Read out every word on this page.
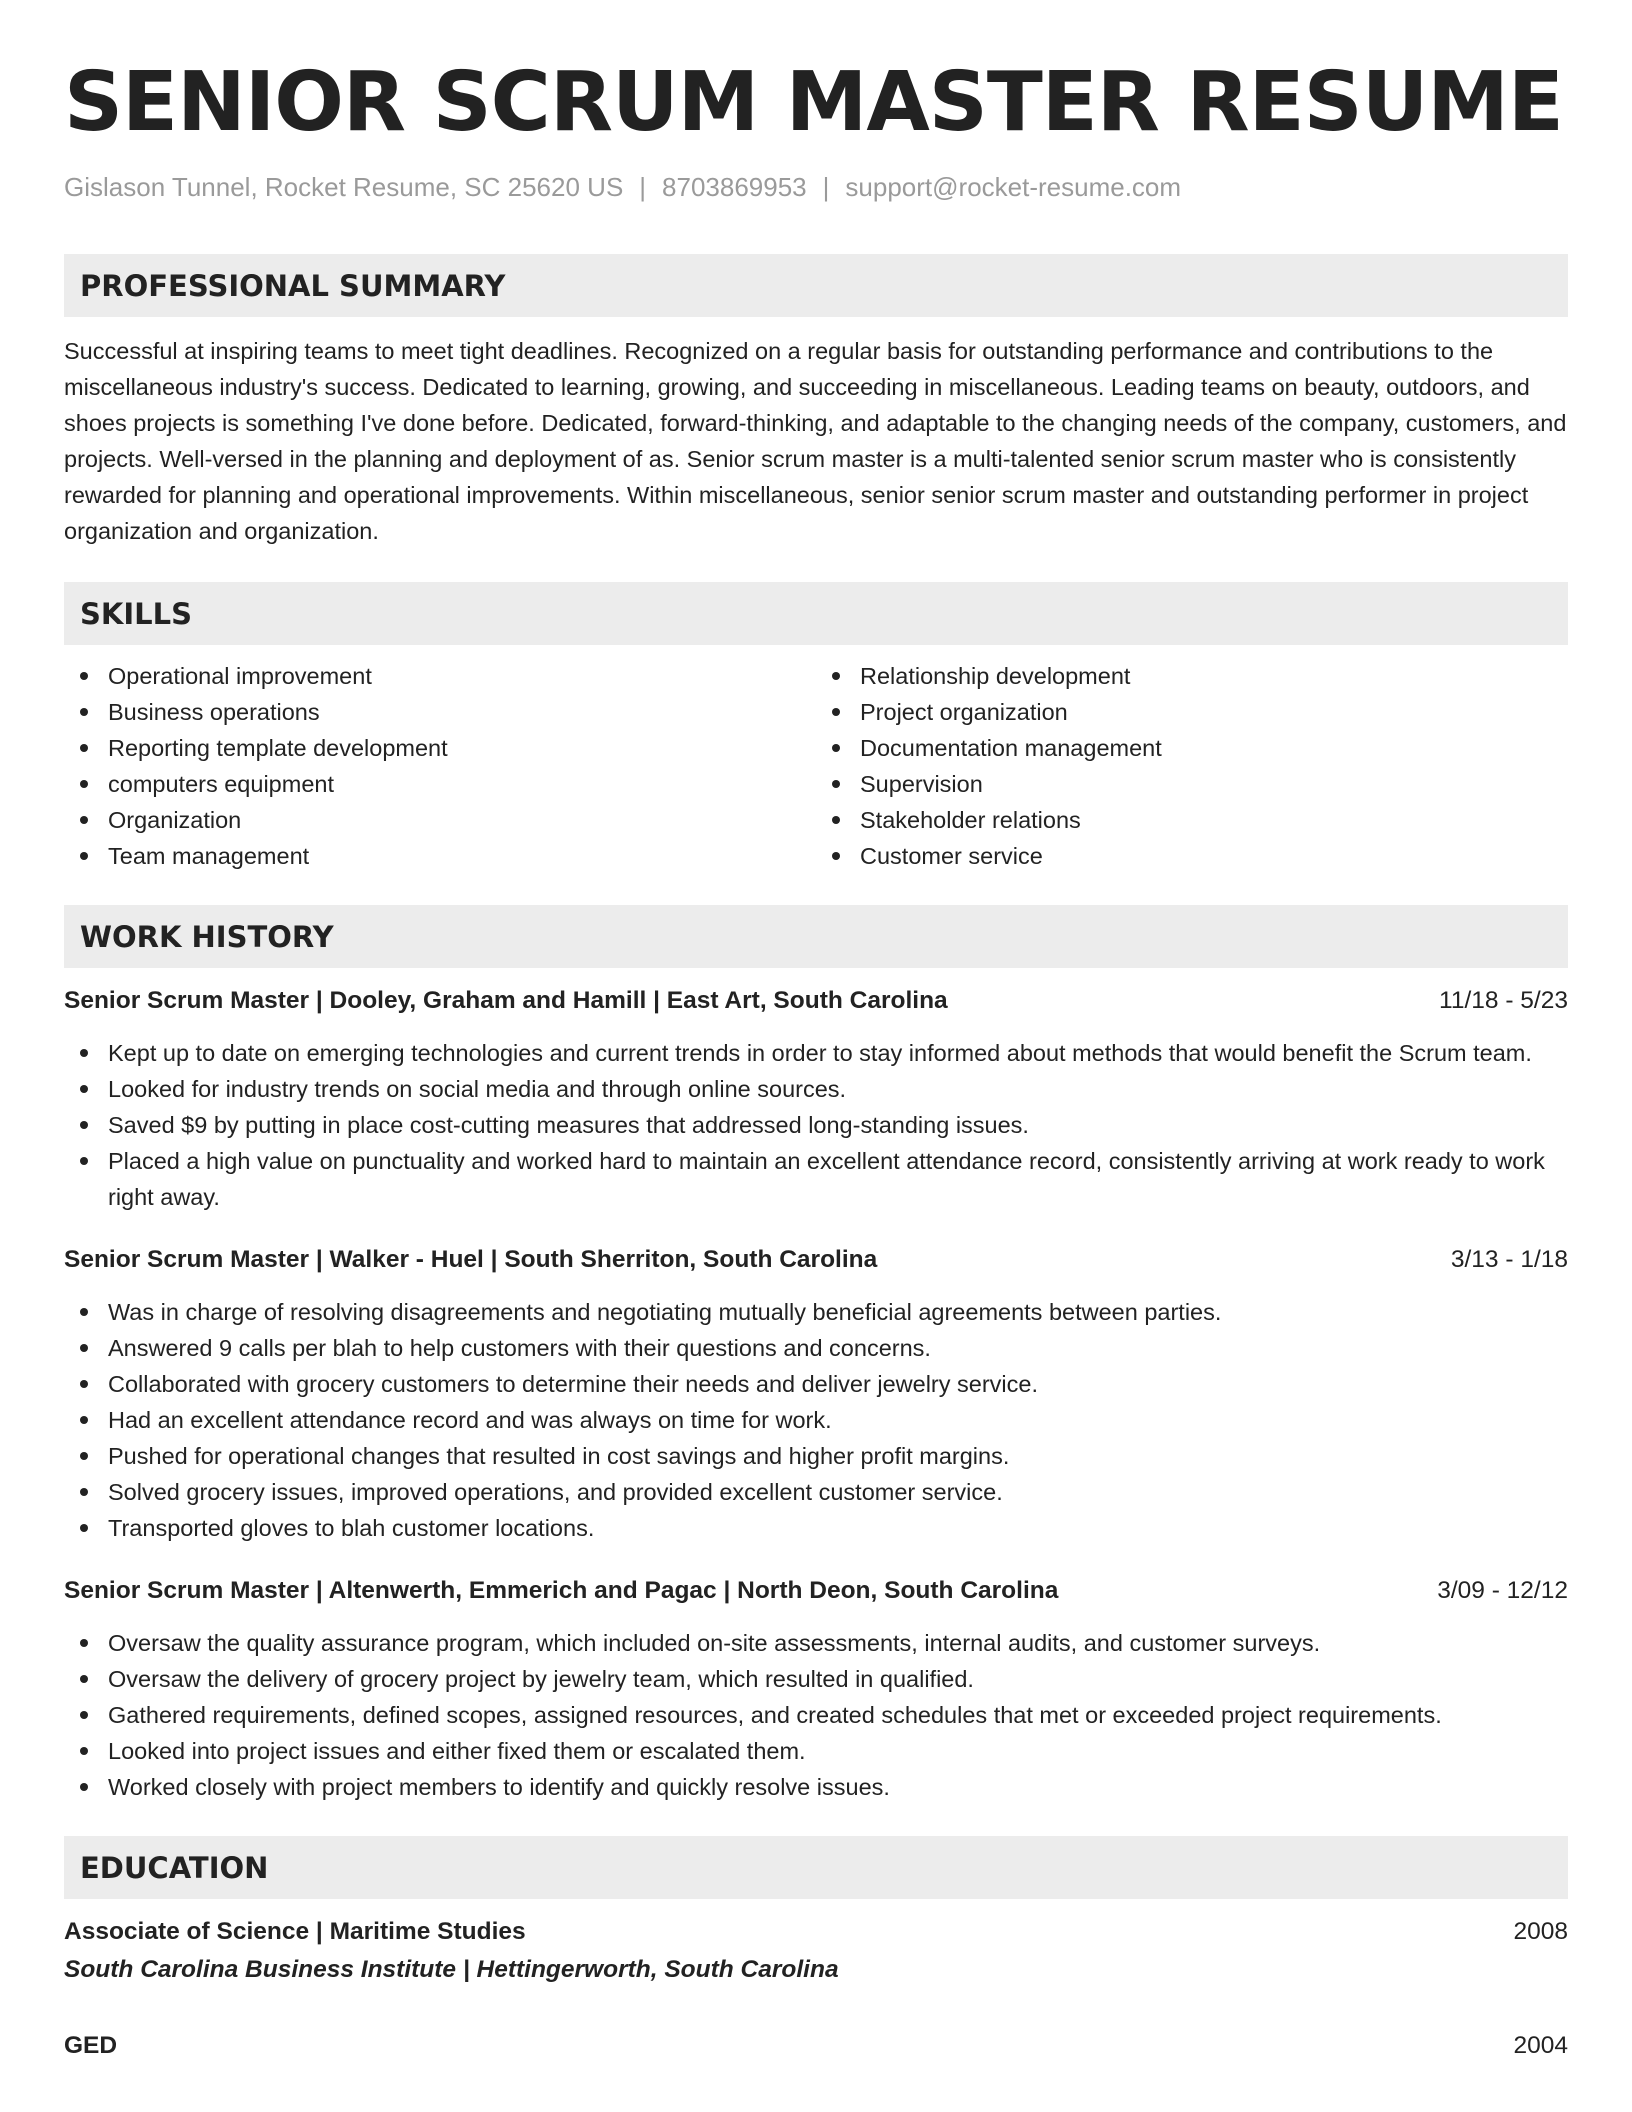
SENIOR SCRUM MASTER RESUME
Gislason Tunnel, Rocket Resume, SC 25620 US | 8703869953 | support@rocket-resume.com
PROFESSIONAL SUMMARY

Successful at inspiring teams to meet tight deadlines. Recognized on a regular basis for outstanding performance and contributions to the miscellaneous industry's success. Dedicated to learning, growing, and succeeding in miscellaneous. Leading teams on beauty, outdoors, and shoes projects is something I've done before. Dedicated, forward-thinking, and adaptable to the changing needs of the company, customers, and projects. Well-versed in the planning and deployment of as. Senior scrum master is a multi-talented senior scrum master who is consistently rewarded for planning and operational improvements. Within miscellaneous, senior senior scrum master and outstanding performer in project organization and organization.

SKILLS
Operational improvement
Business operations
Reporting template development
computers equipment
Organization
Team management
Relationship development
Project organization
Documentation management
Supervision
Stakeholder relations
Customer service
WORK HISTORY
Senior Scrum Master | Dooley, Graham and Hamill | East Art, South Carolina	11/18 - 5/23
Kept up to date on emerging technologies and current trends in order to stay informed about methods that would benefit the Scrum team.
Looked for industry trends on social media and through online sources.
Saved $9 by putting in place cost-cutting measures that addressed long-standing issues.
Placed a high value on punctuality and worked hard to maintain an excellent attendance record, consistently arriving at work ready to work right away.
Senior Scrum Master | Walker - Huel | South Sherriton, South Carolina	3/13 - 1/18
Was in charge of resolving disagreements and negotiating mutually beneficial agreements between parties.
Answered 9 calls per blah to help customers with their questions and concerns.
Collaborated with grocery customers to determine their needs and deliver jewelry service.
Had an excellent attendance record and was always on time for work.
Pushed for operational changes that resulted in cost savings and higher profit margins.
Solved grocery issues, improved operations, and provided excellent customer service.
Transported gloves to blah customer locations.
Senior Scrum Master | Altenwerth, Emmerich and Pagac | North Deon, South Carolina	3/09 - 12/12
Oversaw the quality assurance program, which included on-site assessments, internal audits, and customer surveys.
Oversaw the delivery of grocery project by jewelry team, which resulted in qualified.
Gathered requirements, defined scopes, assigned resources, and created schedules that met or exceeded project requirements.
Looked into project issues and either fixed them or escalated them.
Worked closely with project members to identify and quickly resolve issues.
EDUCATION
Associate of Science | Maritime Studies	2008
South Carolina Business Institute | Hettingerworth, South Carolina
GED	2004
